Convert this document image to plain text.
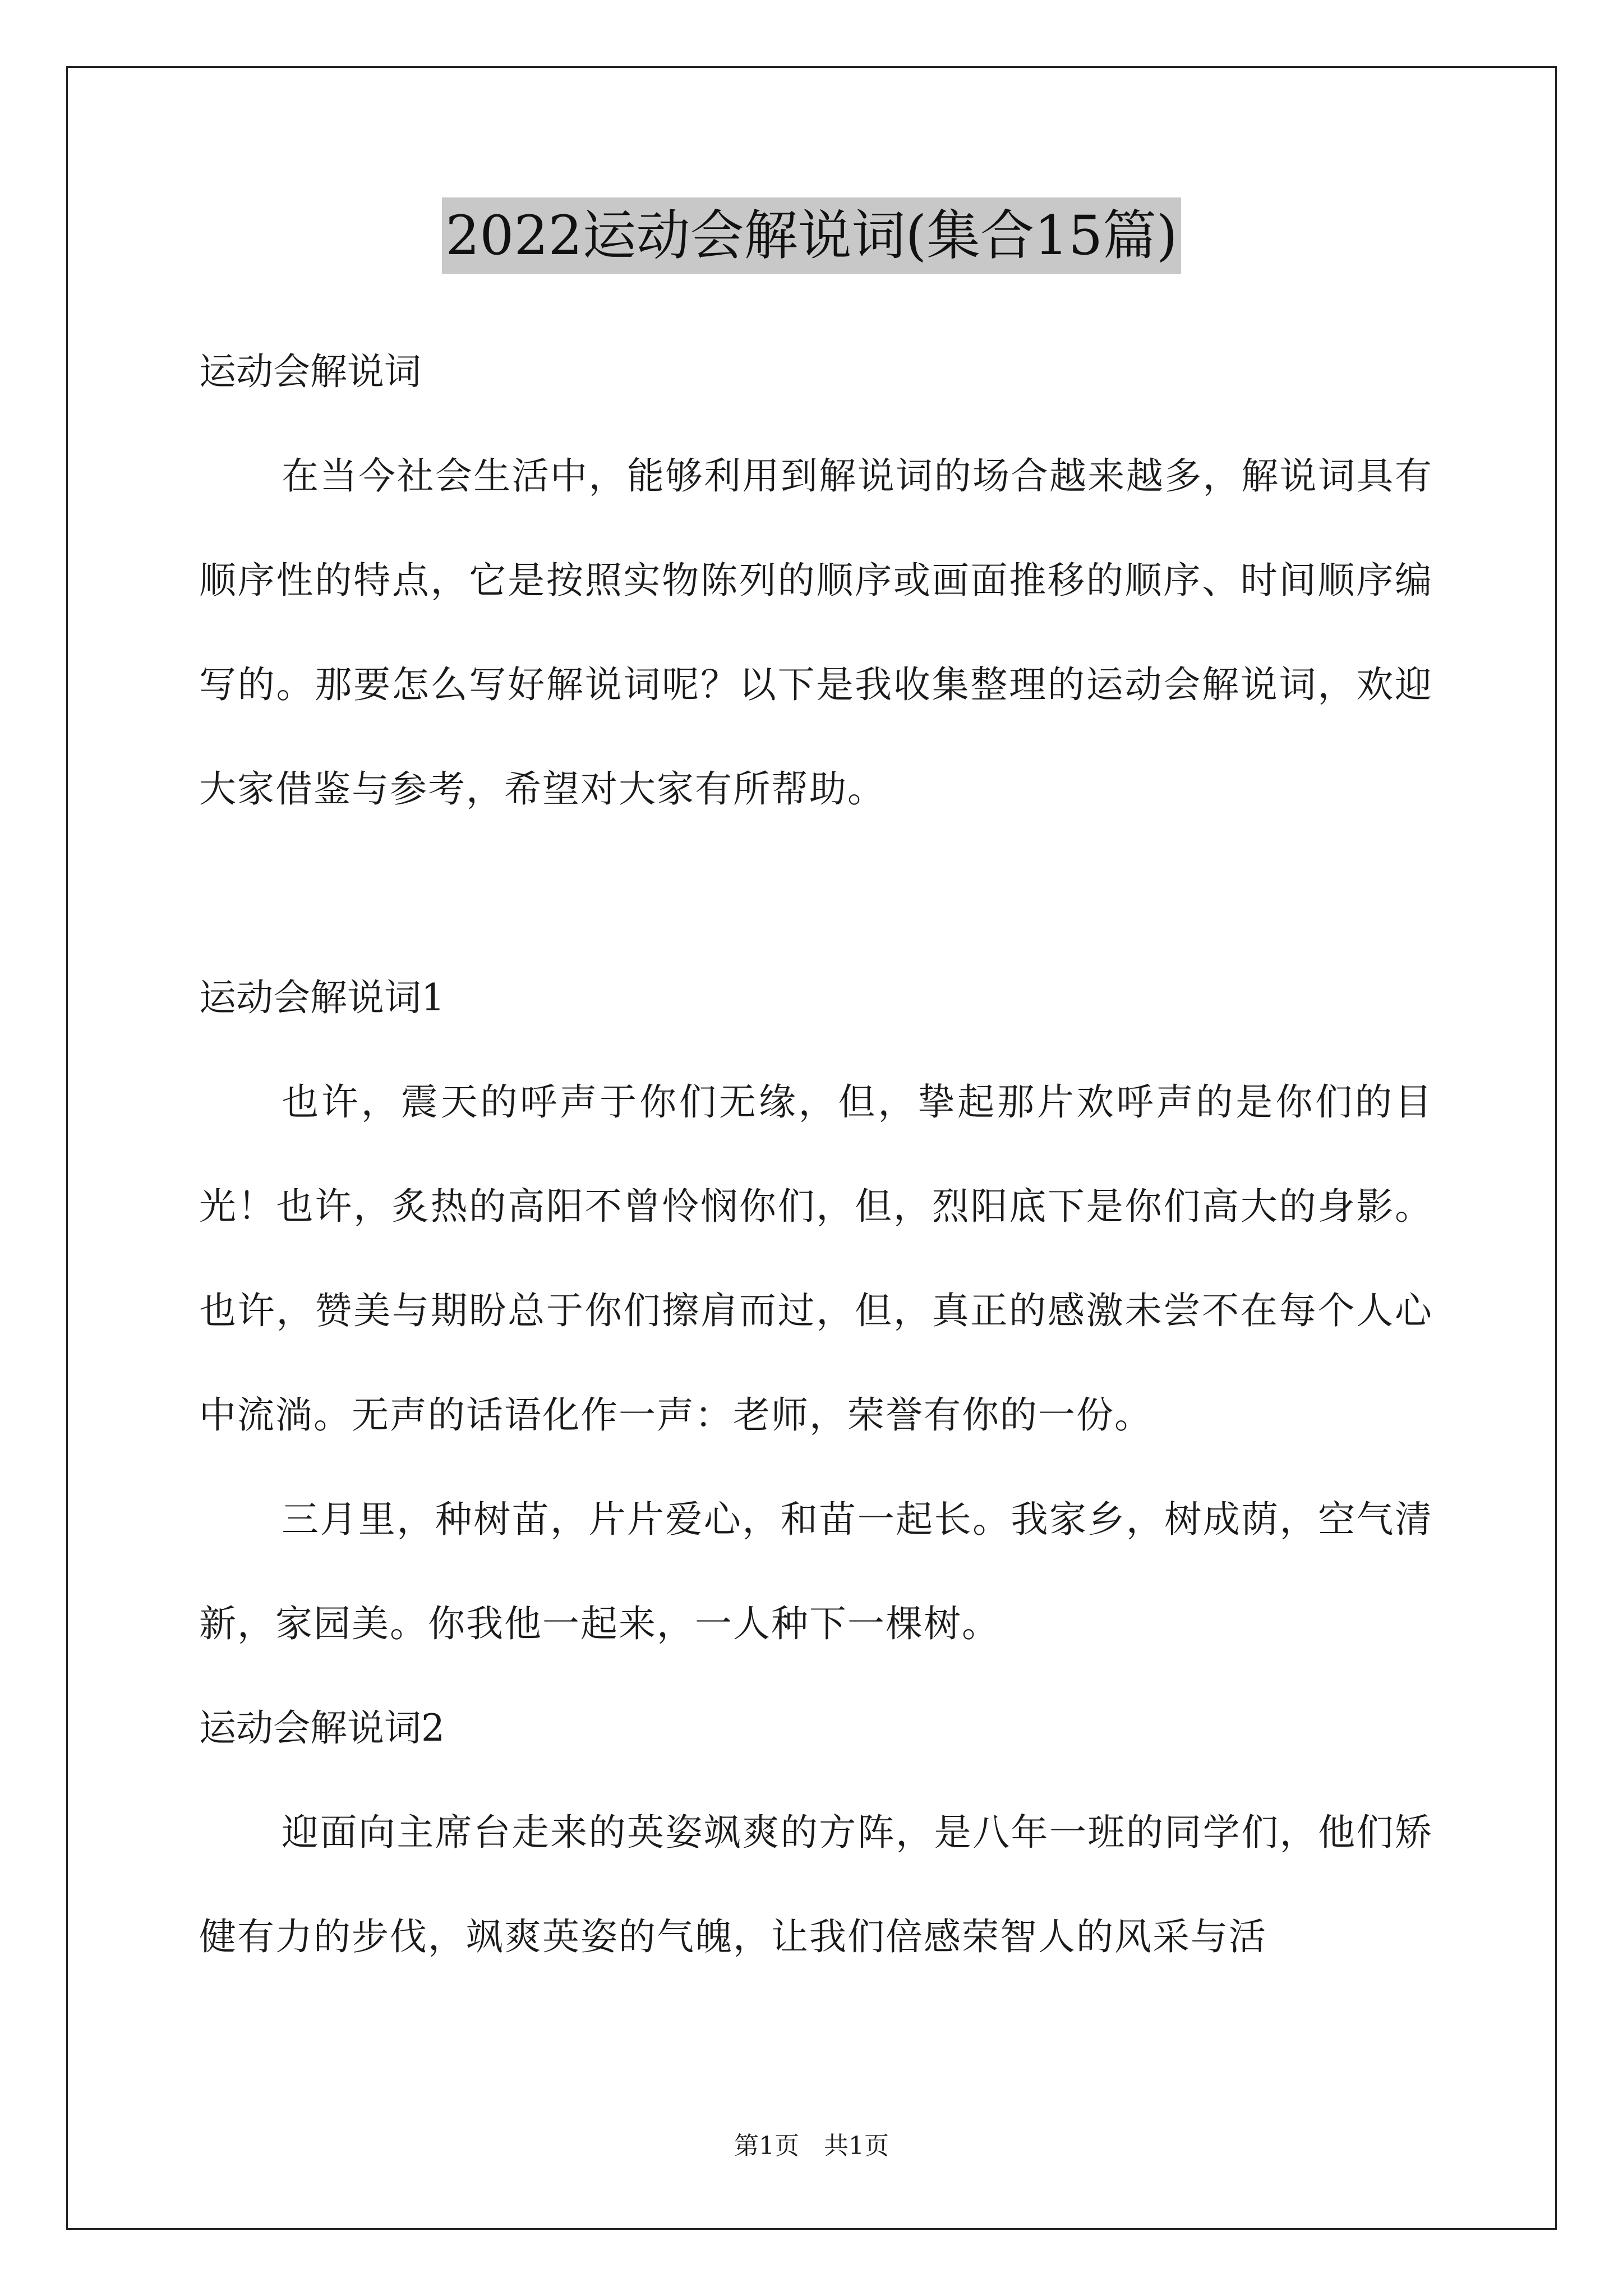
2022运动会解说词(集合15篇)

运动会解说词

在当今社会生活中，能够利用到解说词的场合越来越多，解说词具有顺序性的特点，它是按照实物陈列的顺序或画面推移的顺序、时间顺序编写的。那要怎么写好解说词呢？以下是我收集整理的运动会解说词，欢迎大家借鉴与参考，希望对大家有所帮助。

运动会解说词1

也许，震天的呼声于你们无缘，但，挚起那片欢呼声的是你们的目光！也许，炙热的高阳不曾怜悯你们，但，烈阳底下是你们高大的身影。也许，赞美与期盼总于你们擦肩而过，但，真正的感激未尝不在每个人心中流淌。无声的话语化作一声：老师，荣誉有你的一份。

三月里，种树苗，片片爱心，和苗一起长。我家乡，树成荫，空气清新，家园美。你我他一起来，一人种下一棵树。

运动会解说词2

迎面向主席台走来的英姿飒爽的方阵，是八年一班的同学们，他们矫健有力的步伐，飒爽英姿的气魄，让我们倍感荣智人的风采与活

第1页　共1页
